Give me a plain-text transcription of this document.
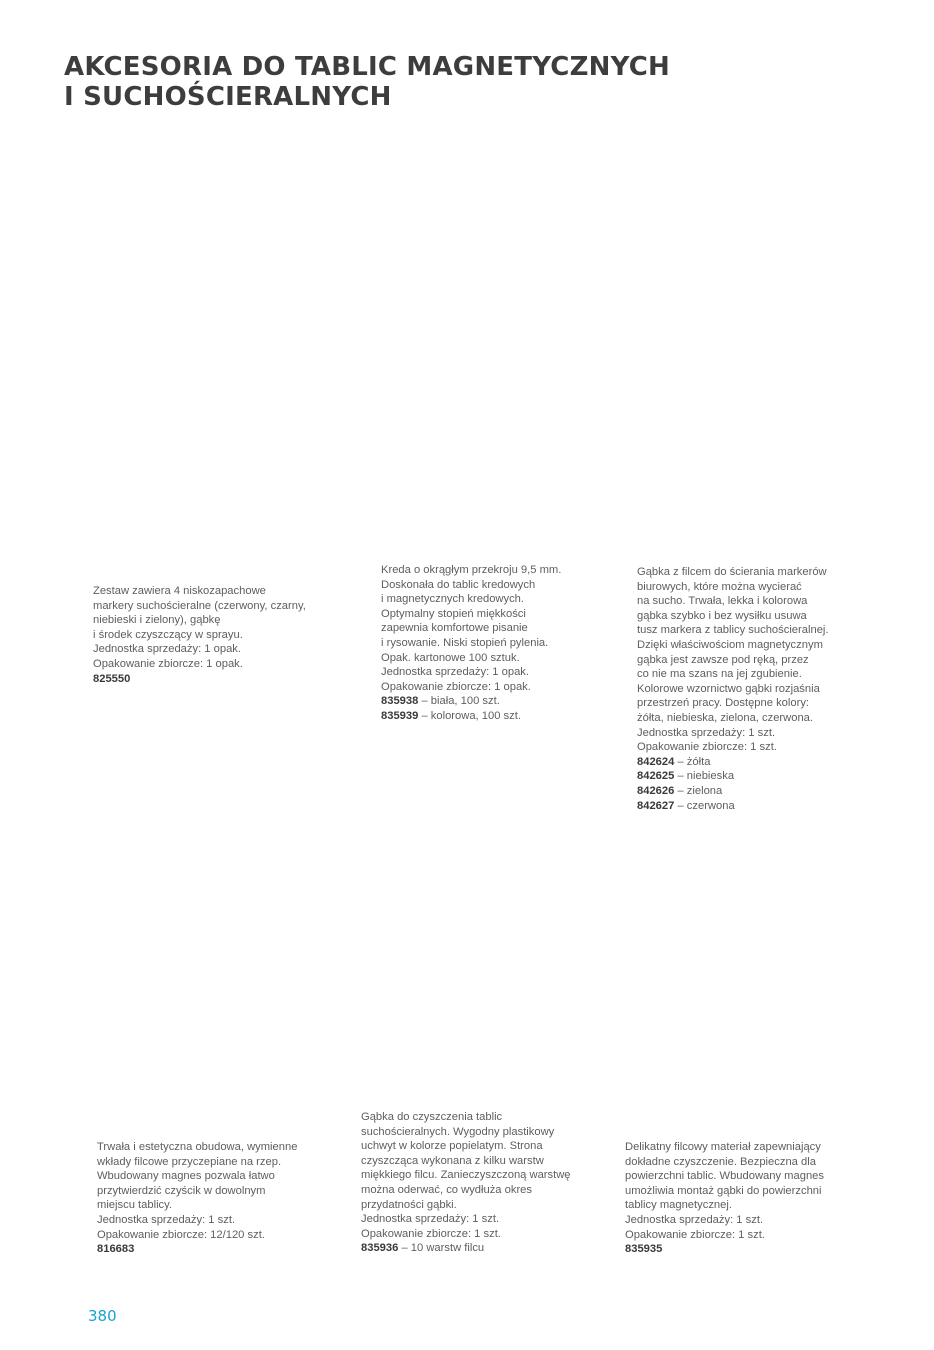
AKCESORIA DO TABLIC MAGNETYCZNYCH
I SUCHOŚCIERALNYCH
Zestaw zawiera 4 niskozapachowe
markery suchościeralne (czerwony, czarny,
niebieski i zielony), gąbkę
i środek czyszczący w sprayu.
Jednostka sprzedaży: 1 opak.
Opakowanie zbiorcze: 1 opak.
825550
Kreda o okrągłym przekroju 9,5 mm.
Doskonała do tablic kredowych
i magnetycznych kredowych.
Optymalny stopień miękkości
zapewnia komfortowe pisanie
i rysowanie. Niski stopień pylenia.
Opak. kartonowe 100 sztuk.
Jednostka sprzedaży: 1 opak.
Opakowanie zbiorcze: 1 opak.
835938 – biała, 100 szt.
835939 – kolorowa, 100 szt.
Gąbka z filcem do ścierania markerów
biurowych, które można wycierać
na sucho. Trwała, lekka i kolorowa
gąbka szybko i bez wysiłku usuwa
tusz markera z tablicy suchościeralnej.
Dzięki właściwościom magnetycznym
gąbka jest zawsze pod ręką, przez
co nie ma szans na jej zgubienie.
Kolorowe wzornictwo gąbki rozjaśnia
przestrzeń pracy. Dostępne kolory:
żółta, niebieska, zielona, czerwona.
Jednostka sprzedaży: 1 szt.
Opakowanie zbiorcze: 1 szt.
842624 – żółta
842625 – niebieska
842626 – zielona
842627 – czerwona
Trwała i estetyczna obudowa, wymienne
wkłady filcowe przyczepiane na rzep.
Wbudowany magnes pozwala łatwo
przytwierdzić czyścik w dowolnym
miejscu tablicy.
Jednostka sprzedaży: 1 szt.
Opakowanie zbiorcze: 12/120 szt.
816683
Gąbka do czyszczenia tablic
suchościeralnych. Wygodny plastikowy
uchwyt w kolorze popielatym. Strona
czyszcząca wykonana z kilku warstw
miękkiego filcu. Zanieczyszczoną warstwę
można oderwać, co wydłuża okres
przydatności gąbki.
Jednostka sprzedaży: 1 szt.
Opakowanie zbiorcze: 1 szt.
835936 – 10 warstw filcu
Delikatny filcowy materiał zapewniający
dokładne czyszczenie. Bezpieczna dla
powierzchni tablic. Wbudowany magnes
umożliwia montaż gąbki do powierzchni
tablicy magnetycznej.
Jednostka sprzedaży: 1 szt.
Opakowanie zbiorcze: 1 szt.
835935
380
